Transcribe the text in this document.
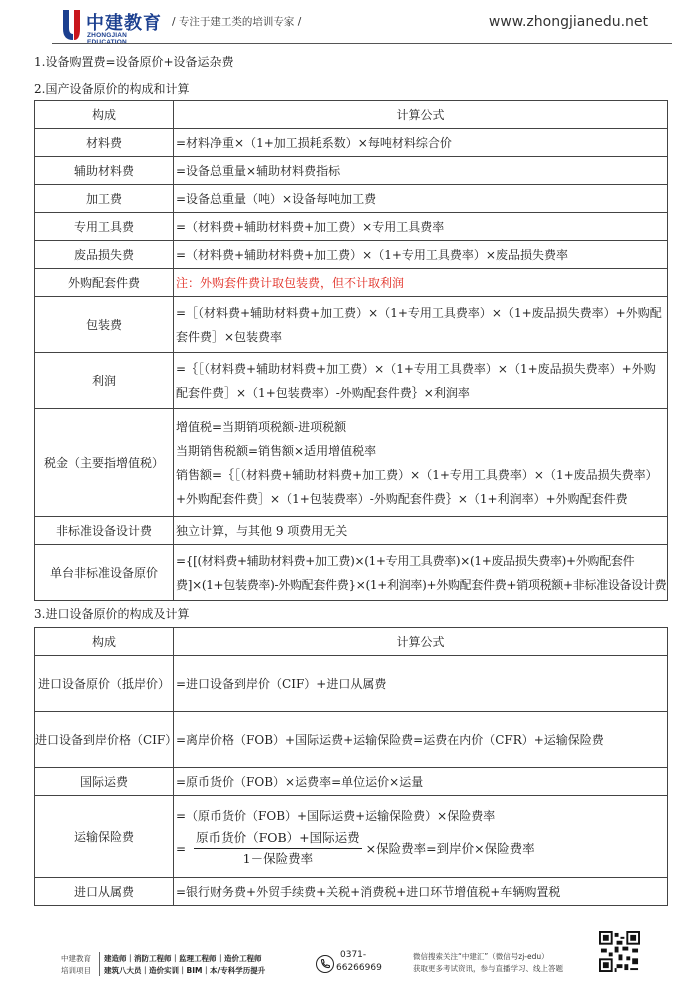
中建教育
ZHONGJIAN
/ 专注于建工类的培训专家 /	www.zhongjianedu.net
1.设备购置费=设备原价+设备运杂费
2.国产设备原价的构成和计算
构成	计算公式
材料费	=材料净重×（1+加工损耗系数）×每吨材料综合价
辅助材料费	=设备总重量×辅助材料费指标
加工费	=设备总重量（吨）×设备每吨加工费
专用工具费	=（材料费+辅助材料费+加工费）×专用工具费率
废品损失费	=（材料费+辅助材料费+加工费）×（1+专用工具费率）×废品损失费率
外购配套件费	注：外购套件费计取包装费，但不计取利润
包装费	=［（材料费+辅助材料费+加工费）×（1+专用工具费率）×（1+废品损失费率）+外购配套件费］×包装费率
利润	=｛［（材料费+辅助材料费+加工费）×（1+专用工具费率）×（1+废品损失费率）+外购配套件费］×（1+包装费率）-外购配套件费｝×利润率
税金（主要指增值税）	增值税=当期销项税额-进项税额
当期销售税额=销售额×适用增值税率
销售额=｛［（材料费+辅助材料费+加工费）×（1+专用工具费率）×（1+废品损失费率）+外购配套件费］×（1+包装费率）-外购配套件费｝×（1+利润率）+外购配套件费

非标准设备设计费	独立计算，与其他 9 项费用无关
单台非标准设备原价	={[(材料费+辅助材料费+加工费)×(1+专用工具费率)×(1+废品损失费率)+外购配套件费]×(1+包装费率)-外购配套件费}×(1+利润率)+外购配套件费+销项税额+非标准设备设计费
3.进口设备原价的构成及计算
构成	计算公式
进口设备原价（抵岸价）	=进口设备到岸价（CIF）+进口从属费
进口设备到岸价格（CIF）	=离岸价格（FOB）+国际运费+运输保险费=运费在内价（CFR）+运输保险费
国际运费	=原币货价（FOB）×运费率=单位运价×运量
运输保险费	=（原币货价（FOB）+国际运费+运输保险费）×保险费率
= $\frac{\text{原币货价（FOB）+国际运费}}{\text{1－保险费率}}$ ×保险费率=到岸价×保险费率

进口从属费	=银行财务费+外贸手续费+关税+消费税+进口环节增值税+车辆购置税
中建教育
培训项目
建造师｜消防工程师｜监理工程师｜造价工程师
建筑八大员｜造价实训｜BIM｜本/专科学历提升
0371-
66266969
微信搜索关注“中建汇”（微信号zj-edu）
获取更多考试资讯，参与直播学习、线上答题
